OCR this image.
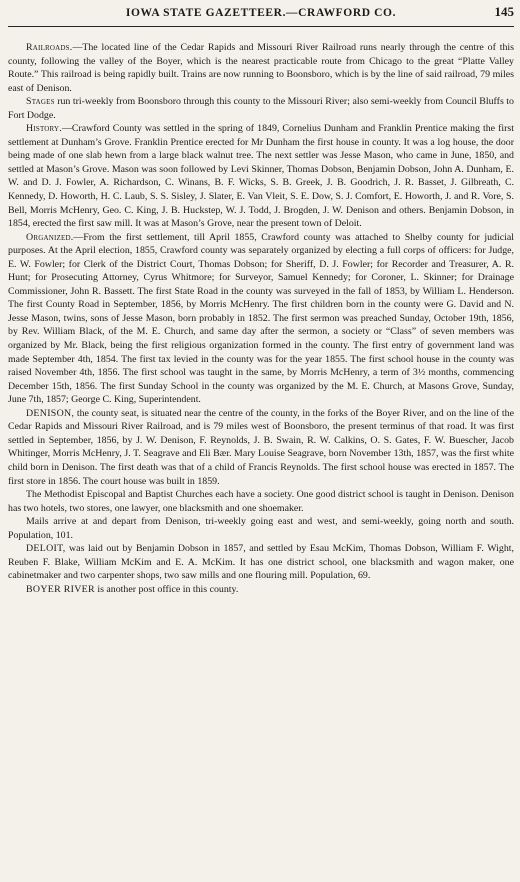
IOWA STATE GAZETTEER.—CRAWFORD CO.	145

Railroads.—The located line of the Cedar Rapids and Missouri River Railroad runs nearly through the centre of this county, following the valley of the Boyer, which is the nearest practicable route from Chicago to the great “Platte Valley Route.” This railroad is being rapidly built. Trains are now running to Boonsboro, which is by the line of said railroad, 79 miles east of Denison.

Stages run tri-weekly from Boonsboro through this county to the Missouri River; also semi-weekly from Council Bluffs to Fort Dodge.

History.—Crawford County was settled in the spring of 1849, Cornelius Dunham and Franklin Prentice making the first settlement at Dunham’s Grove. Franklin Prentice erected for Mr Dunham the first house in county. It was a log house, the door being made of one slab hewn from a large black walnut tree. The next settler was Jesse Mason, who came in June, 1850, and settled at Mason’s Grove. Mason was soon followed by Levi Skinner, Thomas Dobson, Benjamin Dobson, John A. Dunham, E. W. and D. J. Fowler, A. Richardson, C. Winans, B. F. Wicks, S. B. Greek, J. B. Goodrich, J. R. Basset, J. Gilbreath, C. Kennedy, D. Howorth, H. C. Laub, S. S. Sisley, J. Slater, E. Van Vleit, S. E. Dow, S. J. Comfort, E. Howorth, J. and R. Vore, S. Bell, Morris McHenry, Geo. C. King, J. B. Huckstep, W. J. Todd, J. Brogden, J. W. Denison and others. Benjamin Dobson, in 1854, erected the first saw mill. It was at Mason’s Grove, near the present town of Deloit.

Organized.—From the first settlement, till April 1855, Crawford county was attached to Shelby county for judicial purposes. At the April election, 1855, Crawford county was separately organized by electing a full corps of officers: for Judge, E. W. Fowler; for Clerk of the District Court, Thomas Dobson; for Sheriff, D. J. Fowler; for Recorder and Treasurer, A. R. Hunt; for Prosecuting Attorney, Cyrus Whitmore; for Surveyor, Samuel Kennedy; for Coroner, L. Skinner; for Drainage Commissioner, John R. Bassett. The first State Road in the county was surveyed in the fall of 1853, by William L. Henderson. The first County Road in September, 1856, by Morris McHenry. The first children born in the county were G. David and N. Jesse Mason, twins, sons of Jesse Mason, born probably in 1852. The first sermon was preached Sunday, October 19th, 1856, by Rev. William Black, of the M. E. Church, and same day after the sermon, a society or “Class” of seven members was organized by Mr. Black, being the first religious organization formed in the county. The first entry of government land was made September 4th, 1854. The first tax levied in the county was for the year 1855. The first school house in the county was raised November 4th, 1856. The first school was taught in the same, by Morris McHenry, a term of 3½ months, commencing December 15th, 1856. The first Sunday School in the county was organized by the M. E. Church, at Masons Grove, Sunday, June 7th, 1857; George C. King, Superintendent.

DENISON, the county seat, is situated near the centre of the county, in the forks of the Boyer River, and on the line of the Cedar Rapids and Missouri River Railroad, and is 79 miles west of Boonsboro, the present terminus of that road. It was first settled in September, 1856, by J. W. Denison, F. Reynolds, J. B. Swain, R. W. Calkins, O. S. Gates, F. W. Buescher, Jacob Whitinger, Morris McHenry, J. T. Seagrave and Eli Bær. Mary Louise Seagrave, born November 13th, 1857, was the first white child born in Denison. The first death was that of a child of Francis Reynolds. The first school house was erected in 1857. The first store in 1856. The court house was built in 1859.

The Methodist Episcopal and Baptist Churches each have a society. One good district school is taught in Denison. Denison has two hotels, two stores, one lawyer, one blacksmith and one shoemaker.

Mails arrive at and depart from Denison, tri-weekly going east and west, and semi-weekly, going north and south. Population, 101.

DELOIT, was laid out by Benjamin Dobson in 1857, and settled by Esau McKim, Thomas Dobson, William F. Wight, Reuben F. Blake, William McKim and E. A. McKim. It has one district school, one blacksmith and wagon maker, one cabinetmaker and two carpenter shops, two saw mills and one flouring mill. Population, 69.

BOYER RIVER is another post office in this county.
